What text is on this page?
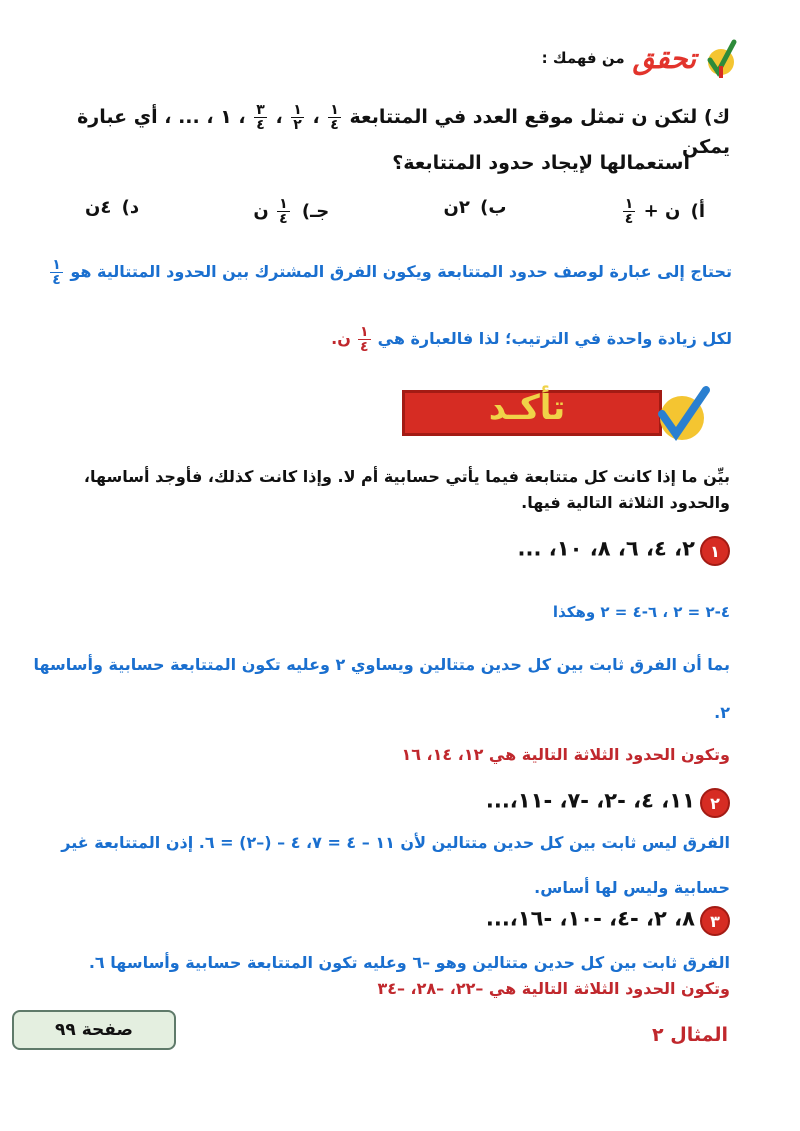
تحقق
من فهمك :
ك) لتكن ن تمثل موقع العدد في المتتابعة
$\frac{١}{٤}$
،
$\frac{١}{٢}$
،
$\frac{٣}{٤}$
، ١ ، ... ، أي عبارة يمكن
استعمالها لإيجاد حدود المتتابعة؟
أ) ن +
$\frac{١}{٤}$
ب) ٢ن
جـ)
$\frac{١}{٤}$
ن
د) ٤ن
تحتاج إلى عبارة لوصف حدود المتتابعة ويكون الفرق المشترك بين الحدود المتتالية هو
$\frac{١}{٤}$
لكل زيادة واحدة في الترتيب؛ لذا فالعبارة هي
$\frac{١}{٤}$
ن.
تأكـد
بيِّن ما إذا كانت كل متتابعة فيما يأتي حسابية أم لا. وإذا كانت كذلك، فأوجد أساسها،
والحدود الثلاثة التالية فيها.
١ ٢، ٤، ٦، ٨، ١٠، ...
٤-٢ = ٢ ، ٦-٤ = ٢ وهكذا
بما أن الفرق ثابت بين كل حدين متتالين ويساوي ٢ وعليه تكون المتتابعة حسابية وأساسها
٢.
وتكون الحدود الثلاثة التالية هي ١٢، ١٤، ١٦
٢ ١١، ٤، -٢، -٧، -١١،...
الفرق ليس ثابت بين كل حدين متتالين لأن ١١ – ٤ = ٧، ٤ – (–٢) = ٦. إذن المتتابعة غير
حسابية وليس لها أساس.
٣ ٨، ٢، -٤، -١٠، -١٦،...
الفرق ثابت بين كل حدين متتالين وهو –٦ وعليه تكون المتتابعة حسابية وأساسها ٦.
وتكون الحدود الثلاثة التالية هي –٢٢، –٢٨، –٣٤
صفحة ٩٩	المثال ٢
